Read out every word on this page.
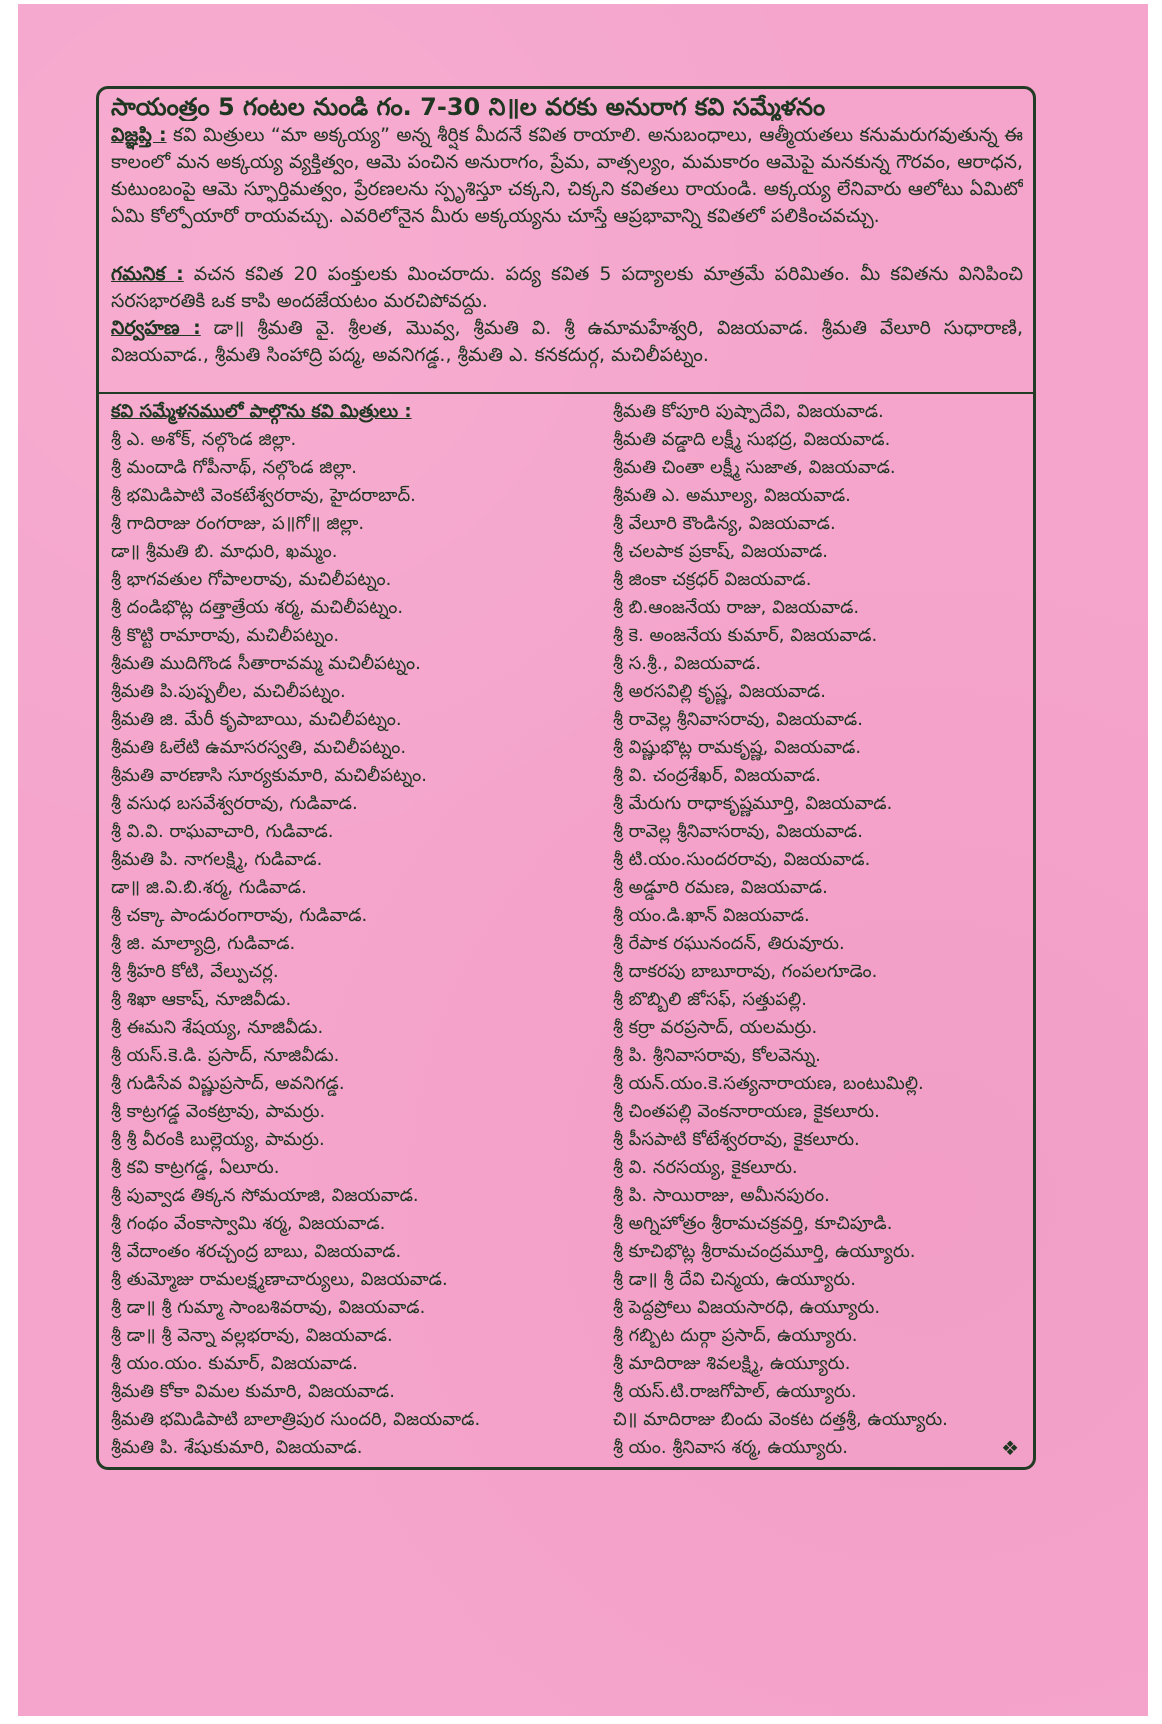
సాయంత్రం 5 గంటల నుండి గం. 7-30 ని॥ల వరకు అనురాగ కవి సమ్మేళనం

విజ్ఞప్తి : కవి మిత్రులు “మా అక్కయ్య” అన్న శీర్షిక మీదనే కవిత రాయాలి. అనుబంధాలు, ఆత్మీయతలు కనుమరుగవుతున్న ఈ కాలంలో మన అక్కయ్య వ్యక్తిత్వం, ఆమె పంచిన అనురాగం, ప్రేమ, వాత్సల్యం, మమకారం ఆమెపై మనకున్న గౌరవం, ఆరాధన, కుటుంబంపై ఆమె స్ఫూర్తిమత్వం, ప్రేరణలను స్పృశిస్తూ చక్కని, చిక్కని కవితలు రాయండి. అక్కయ్య లేనివారు ఆలోటు ఏమిటో ఏమి కోల్పోయారో రాయవచ్చు. ఎవరిలోనైన మీరు అక్కయ్యను చూస్తే ఆప్రభావాన్ని కవితలో పలికించవచ్చు.

గమనిక : వచన కవిత 20 పంక్తులకు మించరాదు. పద్య కవిత 5 పద్యాలకు మాత్రమే పరిమితం. మీ కవితను వినిపించి సరసభారతికి ఒక కాపి అందజేయటం మరచిపోవద్దు.

నిర్వహణ : డా॥ శ్రీమతి వై. శ్రీలత, మొవ్వ, శ్రీమతి వి. శ్రీ ఉమామహేశ్వరి, విజయవాడ. శ్రీమతి వేలూరి సుధారాణి, విజయవాడ., శ్రీమతి సింహాద్రి పద్మ, అవనిగడ్డ., శ్రీమతి ఎ. కనకదుర్గ, మచిలీపట్నం.

కవి సమ్మేళనములో పాల్గొను కవి మిత్రులు :
శ్రీ ఎ. అశోక్, నల్గొండ జిల్లా.
శ్రీ మందాడి గోపీనాథ్, నల్గొండ జిల్లా.
శ్రీ భమిడిపాటి వెంకటేశ్వరరావు, హైదరాబాద్.
శ్రీ గాదిరాజు రంగరాజు, ప॥గో॥ జిల్లా.
డా॥ శ్రీమతి బి. మాధురి, ఖమ్మం.
శ్రీ భాగవతుల గోపాలరావు, మచిలీపట్నం.
శ్రీ దండిభొట్ల దత్తాత్రేయ శర్మ, మచిలీపట్నం.
శ్రీ కొట్టి రామారావు, మచిలీపట్నం.
శ్రీమతి ముదిగొండ సీతారావమ్మ మచిలీపట్నం.
శ్రీమతి పి.పుష్పలీల, మచిలీపట్నం.
శ్రీమతి జి. మేరీ కృపాబాయి, మచిలీపట్నం.
శ్రీమతి ఓలేటి ఉమాసరస్వతి, మచిలీపట్నం.
శ్రీమతి వారణాసి సూర్యకుమారి, మచిలీపట్నం.
శ్రీ వసుధ బసవేశ్వరరావు, గుడివాడ.
శ్రీ వి.వి. రాఘవాచారి, గుడివాడ.
శ్రీమతి పి. నాగలక్ష్మి, గుడివాడ.
డా॥ జి.వి.బి.శర్మ, గుడివాడ.
శ్రీ చక్కా పాండురంగారావు, గుడివాడ.
శ్రీ జి. మాల్యాద్రి, గుడివాడ.
శ్రీ శ్రీహరి కోటి, వేల్పుచర్ల.
శ్రీ శిఖా ఆకాష్, నూజివీడు.
శ్రీ ఈమని శేషయ్య, నూజివీడు.
శ్రీ యస్.కె.డి. ప్రసాద్, నూజివీడు.
శ్రీ గుడిసేవ విష్ణుప్రసాద్, అవనిగడ్డ.
శ్రీ కాట్రగడ్డ వెంకట్రావు, పామర్రు.
శ్రీ శ్రీ వీరంకి బుల్లెయ్య, పామర్రు.
శ్రీ కవి కాట్రగడ్డ, ఏలూరు.
శ్రీ పువ్వాడ తిక్కన సోమయాజి, విజయవాడ.
శ్రీ గంథం వేంకాస్వామి శర్మ, విజయవాడ.
శ్రీ వేదాంతం శరచ్చంద్ర బాబు, విజయవాడ.
శ్రీ తుమ్మోజు రామలక్ష్మణాచార్యులు, విజయవాడ.
శ్రీ డా॥ శ్రీ గుమ్మా సాంబశివరావు, విజయవాడ.
శ్రీ డా॥ శ్రీ వెన్నా వల్లభరావు, విజయవాడ.
శ్రీ యం.యం. కుమార్, విజయవాడ.
శ్రీమతి కోకా విమల కుమారి, విజయవాడ.
శ్రీమతి భమిడిపాటి బాలాత్రిపుర సుందరి, విజయవాడ.
శ్రీమతి పి. శేషుకుమారి, విజయవాడ.
శ్రీమతి కోపూరి పుష్పాదేవి, విజయవాడ.
శ్రీమతి వడ్డాది లక్ష్మీ సుభద్ర, విజయవాడ.
శ్రీమతి చింతా లక్ష్మీ సుజాత, విజయవాడ.
శ్రీమతి ఎ. అమూల్య, విజయవాడ.
శ్రీ వేలూరి కౌండిన్య, విజయవాడ.
శ్రీ చలపాక ప్రకాష్, విజయవాడ.
శ్రీ జింకా చక్రధర్ విజయవాడ.
శ్రీ బి.ఆంజనేయ రాజు, విజయవాడ.
శ్రీ కె. అంజనేయ కుమార్, విజయవాడ.
శ్రీ స.శ్రీ., విజయవాడ.
శ్రీ అరసవిల్లి కృష్ణ, విజయవాడ.
శ్రీ రావెల్ల శ్రీనివాసరావు, విజయవాడ.
శ్రీ విష్ణుభొట్ల రామకృష్ణ, విజయవాడ.
శ్రీ వి. చంద్రశేఖర్, విజయవాడ.
శ్రీ మేరుగు రాధాకృష్ణమూర్తి, విజయవాడ.
శ్రీ రావెల్ల శ్రీనివాసరావు, విజయవాడ.
శ్రీ టి.యం.సుందరరావు, విజయవాడ.
శ్రీ అడ్డూరి రమణ, విజయవాడ.
శ్రీ యం.డి.ఖాన్ విజయవాడ.
శ్రీ రేపాక రఘునందన్, తిరువూరు.
శ్రీ దాకరపు బాబూరావు, గంపలగూడెం.
శ్రీ బొబ్బిలి జోసఫ్, సత్తుపల్లి.
శ్రీ కర్రా వరప్రసాద్, యలమర్రు.
శ్రీ పి. శ్రీనివాసరావు, కోలవెన్ను.
శ్రీ యన్.యం.కె.సత్యనారాయణ, బంటుమిల్లి.
శ్రీ చింతపల్లి వెంకనారాయణ, కైకలూరు.
శ్రీ పీసపాటి కోటేశ్వరరావు, కైకలూరు.
శ్రీ వి. నరసయ్య, కైకలూరు.
శ్రీ పి. సాయిరాజు, అమీనపురం.
శ్రీ అగ్నిహోత్రం శ్రీరామచక్రవర్తి, కూచిపూడి.
శ్రీ కూచిభొట్ల శ్రీరామచంద్రమూర్తి, ఉయ్యూరు.
శ్రీ డా॥ శ్రీ దేవి చిన్మయ, ఉయ్యూరు.
శ్రీ పెద్దప్రోలు విజయసారధి, ఉయ్యూరు.
శ్రీ గబ్బిట దుర్గా ప్రసాద్, ఉయ్యూరు.
శ్రీ మాదిరాజు శివలక్ష్మి, ఉయ్యూరు.
శ్రీ యస్.టి.రాజగోపాల్, ఉయ్యూరు.
చి॥ మాదిరాజు బిందు వెంకట దత్తశ్రీ, ఉయ్యూరు.
శ్రీ యం. శ్రీనివాస శర్మ, ఉయ్యూరు.
❖
